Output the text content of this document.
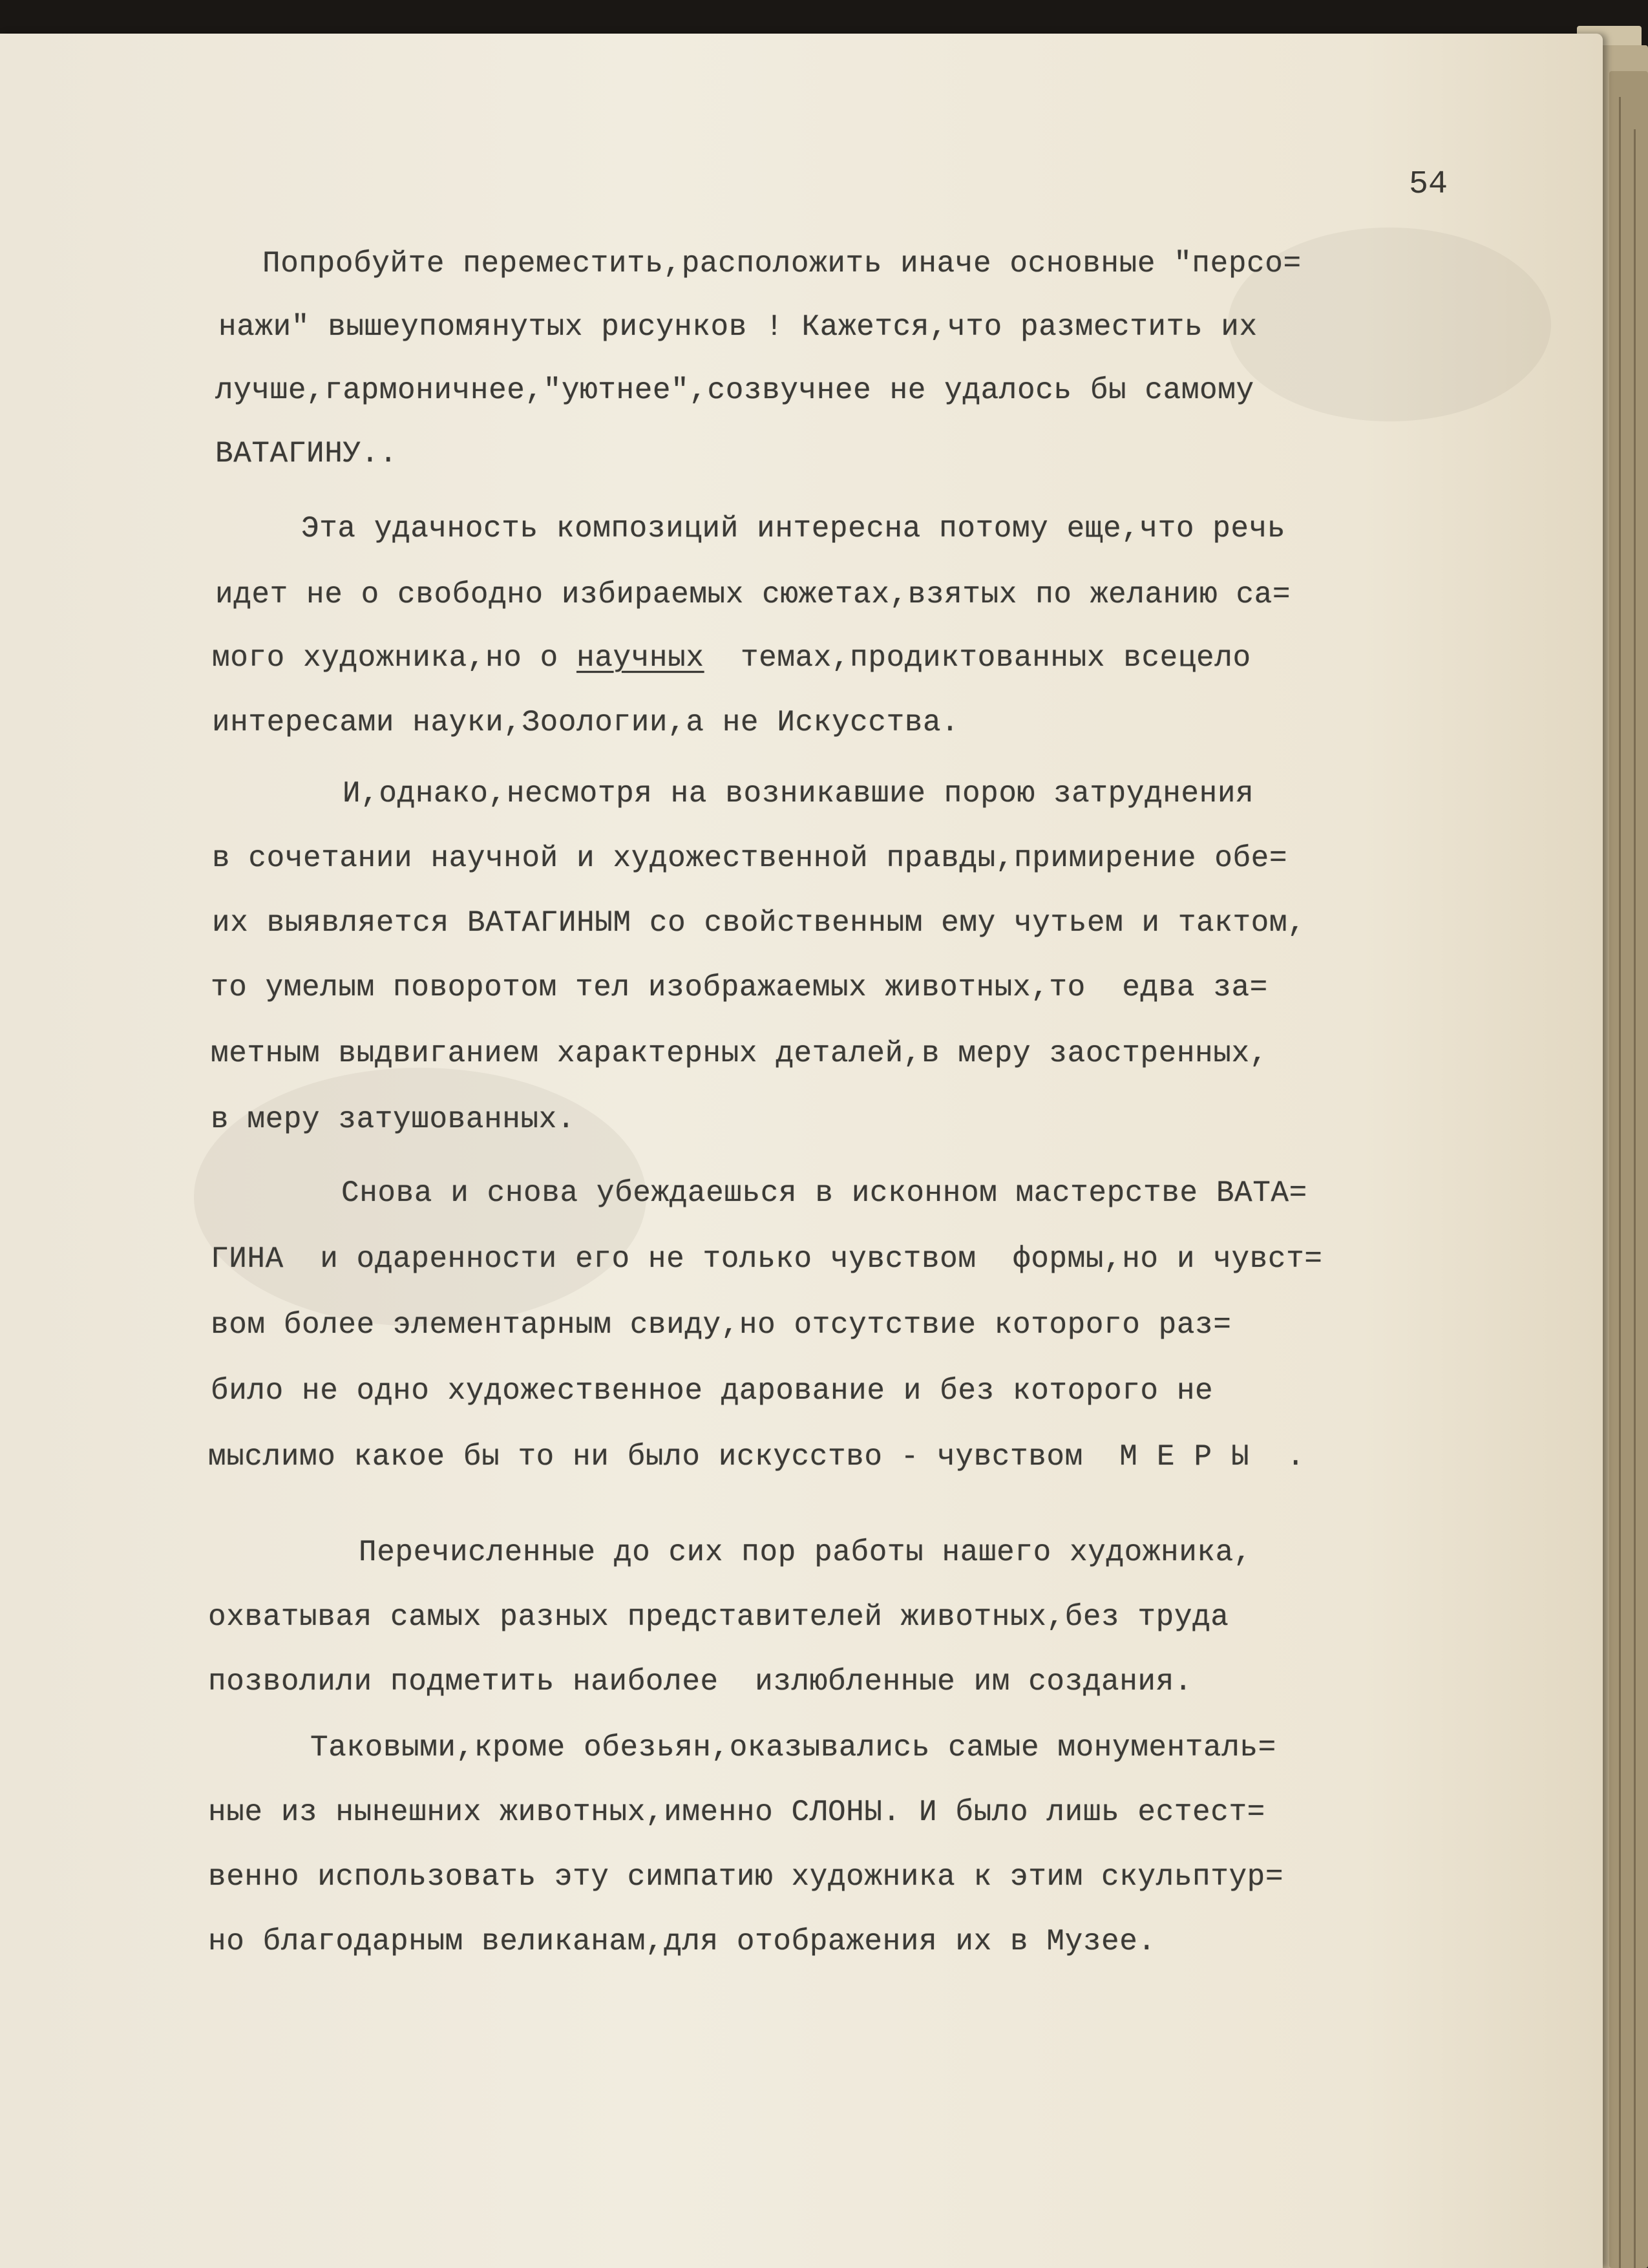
54
Попробуйте переместить,расположить иначе основные "персо=
нажи" вышеупомянутых рисунков ! Кажется,что разместить их
лучше,гармоничнее,"уютнее",созвучнее не удалось бы самому
ВАТАГИНУ..
Эта удачность композиций интересна потому еще,что речь
идет не о свободно избираемых сюжетах,взятых по желанию са=
мого художника,но о научных  темах,продиктованных всецело
интересами науки,Зоологии,а не Искусства.
И,однако,несмотря на возникавшие порою затруднения
в сочетании научной и художественной правды,примирение обе=
их выявляется ВАТАГИНЫМ со свойственным ему чутьем и тактом,
то умелым поворотом тел изображаемых животных,то  едва за=
метным выдвиганием характерных деталей,в меру заостренных,
в меру затушованных.
Снова и снова убеждаешься в исконном мастерстве ВАТА=
ГИНА  и одаренности его не только чувством  формы,но и чувст=
вом более элементарным свиду,но отсутствие которого раз=
било не одно художественное дарование и без которого не
мыслимо какое бы то ни было искусство - чувством  МЕРЫ .
Перечисленные до сих пор работы нашего художника,
охватывая самых разных представителей животных,без труда
позволили подметить наиболее  излюбленные им создания.
Таковыми,кроме обезьян,оказывались самые монументаль=
ные из нынешних животных,именно СЛОНЫ. И было лишь естест=
венно использовать эту симпатию художника к этим скульптур=
но благодарным великанам,для отображения их в Музее.
